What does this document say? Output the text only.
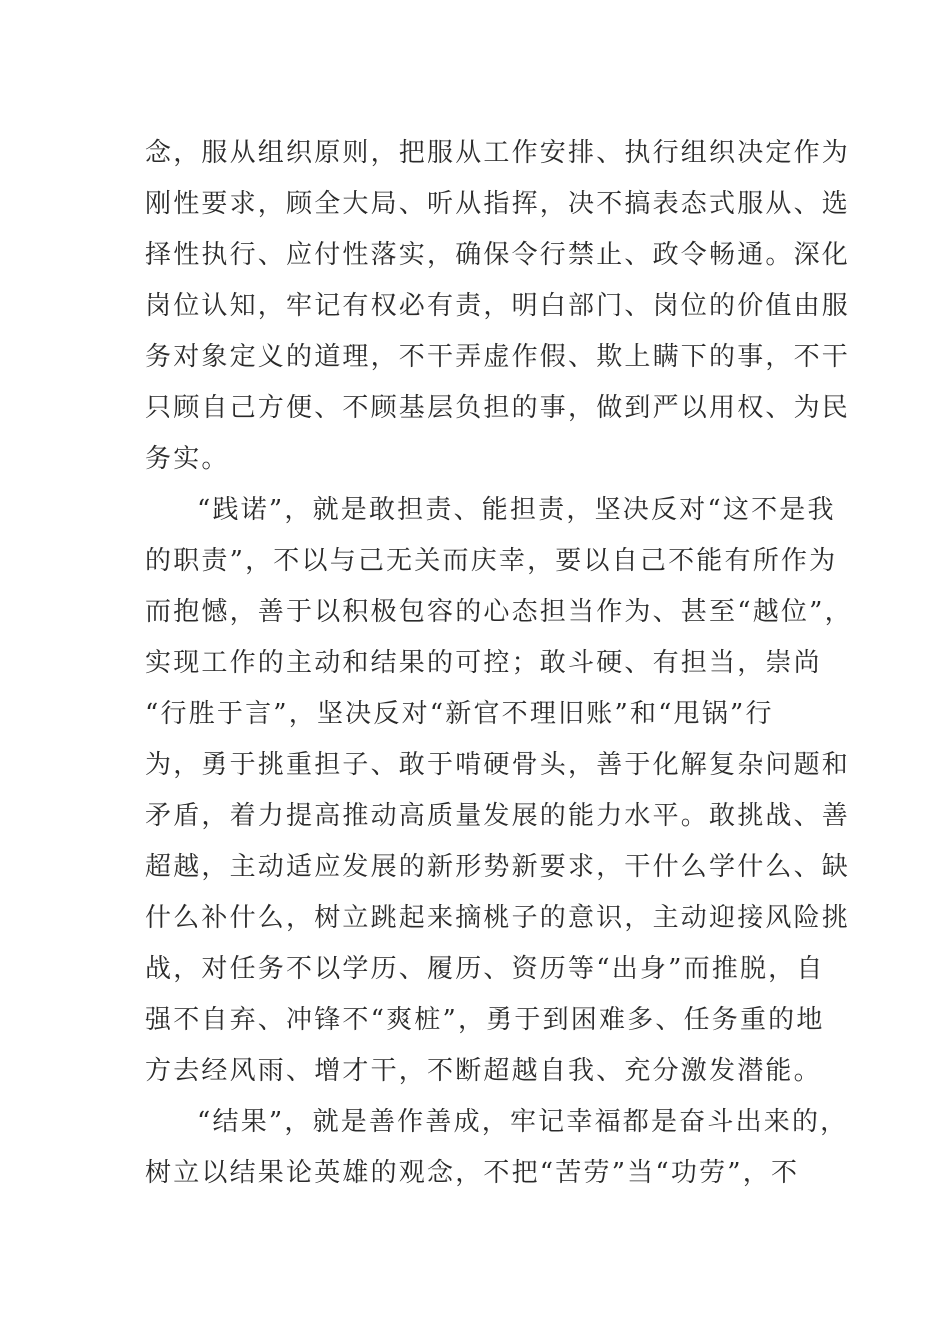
念，服从组织原则，把服从工作安排、执行组织决定作为
刚性要求，顾全大局、听从指挥，决不搞表态式服从、选
择性执行、应付性落实，确保令行禁止、政令畅通。深化
岗位认知，牢记有权必有责，明白部门、岗位的价值由服
务对象定义的道理，不干弄虚作假、欺上瞒下的事，不干
只顾自己方便、不顾基层负担的事，做到严以用权、为民
务实。
“践诺”，就是敢担责、能担责，坚决反对“这不是我
的职责”，不以与己无关而庆幸，要以自己不能有所作为
而抱憾，善于以积极包容的心态担当作为、甚至“越位”，
实现工作的主动和结果的可控；敢斗硬、有担当，崇尚
“行胜于言”，坚决反对“新官不理旧账”和“甩锅”行
为，勇于挑重担子、敢于啃硬骨头，善于化解复杂问题和
矛盾，着力提高推动高质量发展的能力水平。敢挑战、善
超越，主动适应发展的新形势新要求，干什么学什么、缺
什么补什么，树立跳起来摘桃子的意识，主动迎接风险挑
战，对任务不以学历、履历、资历等“出身”而推脱，自
强不自弃、冲锋不“爽桩”，勇于到困难多、任务重的地
方去经风雨、增才干，不断超越自我、充分激发潜能。
“结果”，就是善作善成，牢记幸福都是奋斗出来的，
树立以结果论英雄的观念，不把“苦劳”当“功劳”，不
